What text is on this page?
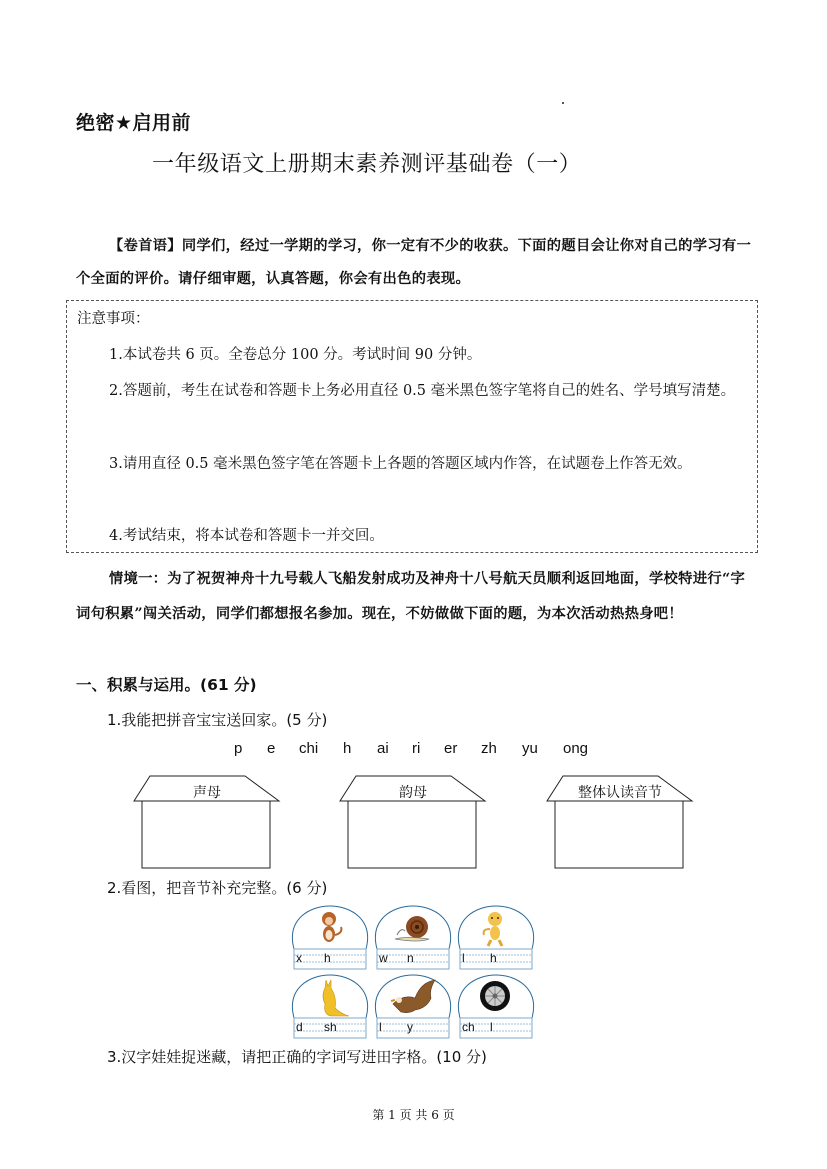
绝密★启用前
一年级语文上册期末素养测评基础卷（一）
【卷首语】同学们，经过一学期的学习，你一定有不少的收获。下面的题目会让你对自己的学习有一个全面的评价。请仔细审题，认真答题，你会有出色的表现。
注意事项：
1.本试卷共 6 页。全卷总分 100 分。考试时间 90 分钟。
2.答题前，考生在试卷和答题卡上务必用直径 0.5 毫米黑色签字笔将自己的姓名、学号填写清楚。
3.请用直径 0.5 毫米黑色签字笔在答题卡上各题的答题区域内作答，在试题卷上作答无效。
4.考试结束，将本试卷和答题卡一并交回。
情境一：为了祝贺神舟十九号载人飞船发射成功及神舟十八号航天员顺利返回地面，学校特进行“字词句积累”闯关活动，同学们都想报名参加。现在，不妨做做下面的题，为本次活动热热身吧！
一、积累与运用。(61 分)
1.我能把拼音宝宝送回家。(5 分)
p e chi h ai ri er zh yu ong
声母	韵母	整体认读音节
2.看图，把音节补充完整。(6 分)
x h	w n	l h
d sh	l y	ch l
3.汉字娃娃捉迷藏，请把正确的字词写进田字格。(10 分)
第 1 页 共 6 页
